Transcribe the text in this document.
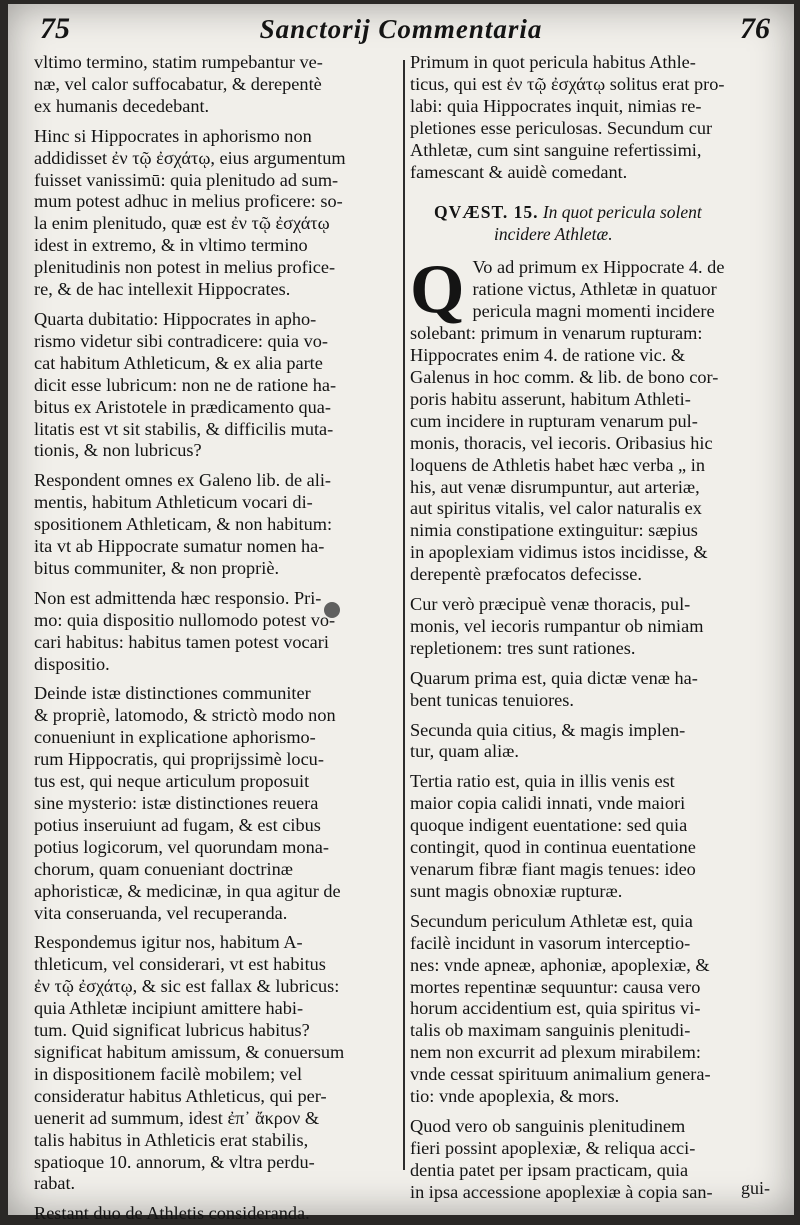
75	Sanctorij Commentaria	76
vltimo termino, statim rumpebantur ve-
næ, vel calor suffocabatur, & derepentè
ex humanis decedebant.
Hinc si Hippocrates in aphorismo non
addidisset ἐν τῷ ἐσχάτῳ, eius argumentum
fuisset vanissimū: quia plenitudo ad sum-
mum potest adhuc in melius proficere: so-
la enim plenitudo, quæ est ἐν τῷ ἐσχάτῳ
idest in extremo, & in vltimo termino
plenitudinis non potest in melius profice-
re, & de hac intellexit Hippocrates.
Quarta dubitatio: Hippocrates in apho-
rismo videtur sibi contradicere: quia vo-
cat habitum Athleticum, & ex alia parte
dicit esse lubricum: non ne de ratione ha-
bitus ex Aristotele in prædicamento qua-
litatis est vt sit stabilis, & difficilis muta-
tionis, & non lubricus?
Respondent omnes ex Galeno lib. de ali-
mentis, habitum Athleticum vocari di-
spositionem Athleticam, & non habitum:
ita vt ab Hippocrate sumatur nomen ha-
bitus communiter, & non propriè.
Non est admittenda hæc responsio. Pri-
mo: quia dispositio nullomodo potest vo-
cari habitus: habitus tamen potest vocari
dispositio.
Deinde istæ distinctiones communiter
& propriè, latomodo, & strictò modo non
conueniunt in explicatione aphorismo-
rum Hippocratis, qui proprijssimè locu-
tus est, qui neque articulum proposuit
sine mysterio: istæ distinctiones reuera
potius inseruiunt ad fugam, & est cibus
potius logicorum, vel quorundam mona-
chorum, quam conueniant doctrinæ
aphoristicæ, & medicinæ, in qua agitur de
vita conseruanda, vel recuperanda.
Respondemus igitur nos, habitum A-
thleticum, vel considerari, vt est habitus
ἐν τῷ ἐσχάτῳ, & sic est fallax & lubricus:
quia Athletæ incipiunt amittere habi-
tum. Quid significat lubricus habitus?
significat habitum amissum, & conuersum
in dispositionem facilè mobilem; vel
consideratur habitus Athleticus, qui per-
uenerit ad summum, idest ἐπ᾽ ἄκρον &
talis habitus in Athleticis erat stabilis,
spatioque 10. annorum, & vltra perdu-
rabat.
Restant duo de Athletis consideranda.
Primum in quot pericula habitus Athle-
ticus, qui est ἐν τῷ ἐσχάτῳ solitus erat pro-
labi: quia Hippocrates inquit, nimias re-
pletiones esse periculosas. Secundum cur
Athletæ, cum sint sanguine refertissimi,
famescant & auidè comedant.
QVÆST. 15. In quot pericula solent
incidere Athletæ.
Q Vo ad primum ex Hippocrate 4. de
ratione victus, Athletæ in quatuor
pericula magni momenti incidere
solebant: primum in venarum rupturam:
Hippocrates enim 4. de ratione vic. &
Galenus in hoc comm. & lib. de bono cor-
poris habitu asserunt, habitum Athleti-
cum incidere in rupturam venarum pul-
monis, thoracis, vel iecoris. Oribasius hic
loquens de Athletis habet hæc verba „ in
his, aut venæ disrumpuntur, aut arteriæ,
aut spiritus vitalis, vel calor naturalis ex
nimia constipatione extinguitur: sæpius
in apoplexiam vidimus istos incidisse, &
derepentè præfocatos defecisse.
Cur verò præcipuè venæ thoracis, pul-
monis, vel iecoris rumpantur ob nimiam
repletionem: tres sunt rationes.
Quarum prima est, quia dictæ venæ ha-
bent tunicas tenuiores.
Secunda quia citius, & magis implen-
tur, quam aliæ.
Tertia ratio est, quia in illis venis est
maior copia calidi innati, vnde maiori
quoque indigent euentatione: sed quia
contingit, quod in continua euentatione
venarum fibræ fiant magis tenues: ideo
sunt magis obnoxiæ rupturæ.
Secundum periculum Athletæ est, quia
facilè incidunt in vasorum interceptio-
nes: vnde apneæ, aphoniæ, apoplexiæ, &
mortes repentinæ sequuntur: causa vero
horum accidentium est, quia spiritus vi-
talis ob maximam sanguinis plenitudi-
nem non excurrit ad plexum mirabilem:
vnde cessat spirituum animalium genera-
tio: vnde apoplexia, & mors.
Quod vero ob sanguinis plenitudinem
fieri possint apoplexiæ, & reliqua acci-
dentia patet per ipsam practicam, quia
in ipsa accessione apoplexiæ à copia san-	gui-
